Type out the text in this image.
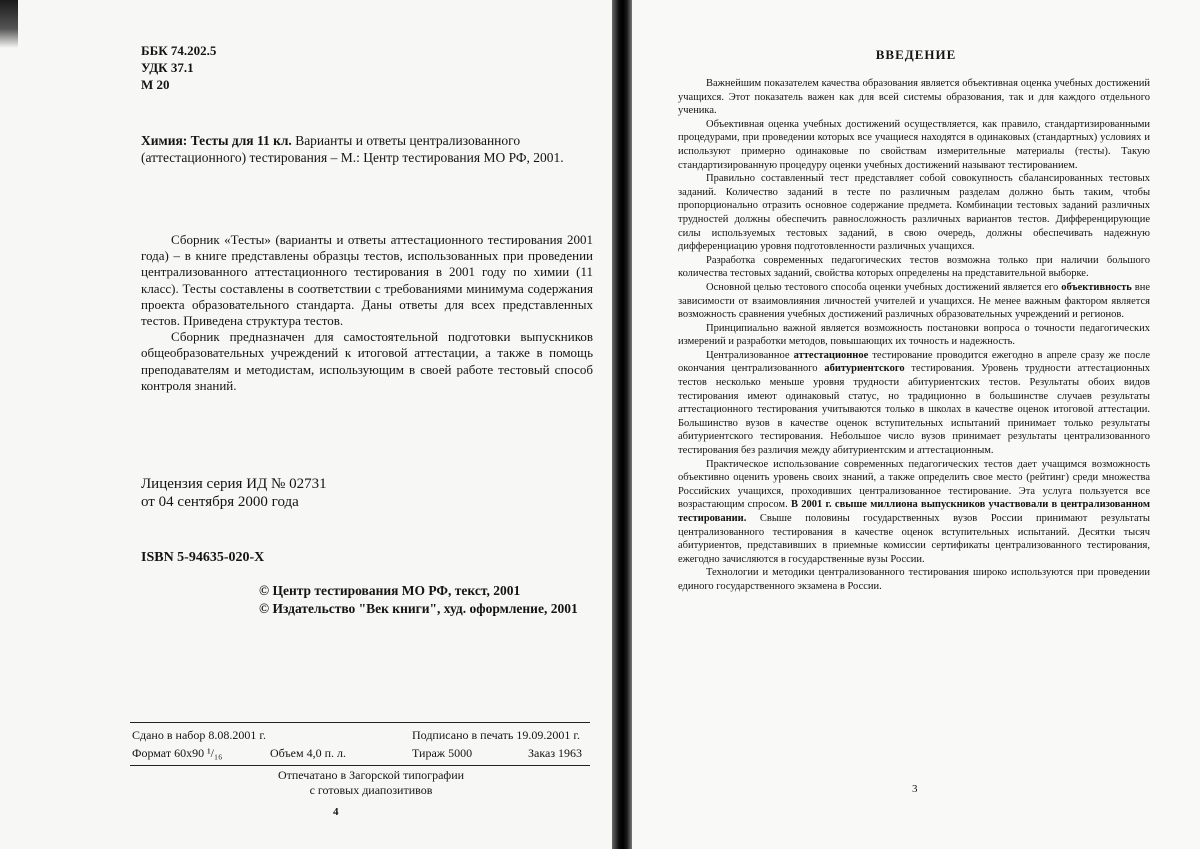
ББК 74.202.5
УДК 37.1
М 20
Химия: Тесты для 11 кл. Варианты и ответы централизованного (аттестационного) тестирования – М.: Центр тестирования МО РФ, 2001.

Сборник «Тесты» (варианты и ответы аттестационного тестирования 2001 года) – в книге представлены образцы тестов, использованных при проведении централизованного аттестационного тестирования в 2001 году по химии (11 класс). Тесты составлены в соответствии с требованиями минимума содержания проекта образовательного стандарта. Даны ответы для всех представленных тестов. Приведена структура тестов.

Сборник предназначен для самостоятельной подготовки выпускников общеобразовательных учреждений к итоговой аттестации, а также в помощь преподавателям и методистам, использующим в своей работе тестовый способ контроля знаний.

Лицензия серия ИД № 02731
от 04 сентября 2000 года
ISBN 5-94635-020-X
© Центр тестирования МО РФ, текст, 2001
© Издательство "Век книги", худ. оформление, 2001
Сдано в набор 8.08.2001 г.	Подписано в печать 19.09.2001 г.
Формат 60х90 ¹/₁₆	Объем 4,0 п. л.	Тираж 5000	Заказ 1963
Отпечатано в Загорской типографии
с готовых диапозитивов
4
ВВЕДЕНИЕ

Важнейшим показателем качества образования является объективная оценка учебных достижений учащихся. Этот показатель важен как для всей системы образования, так и для каждого отдельного ученика.

Объективная оценка учебных достижений осуществляется, как правило, стандартизированными процедурами, при проведении которых все учащиеся находятся в одинаковых (стандартных) условиях и используют примерно одинаковые по свойствам измерительные материалы (тесты). Такую стандартизированную процедуру оценки учебных достижений называют тестированием.

Правильно составленный тест представляет собой совокупность сбалансированных тестовых заданий. Количество заданий в тесте по различным разделам должно быть таким, чтобы пропорционально отразить основное содержание предмета. Комбинации тестовых заданий различных трудностей должны обеспечить равносложность различных вариантов тестов. Дифференцирующие силы используемых тестовых заданий, в свою очередь, должны обеспечивать надежную дифференциацию уровня подготовленности различных учащихся.

Разработка современных педагогических тестов возможна только при наличии большого количества тестовых заданий, свойства которых определены на представительной выборке.

Основной целью тестового способа оценки учебных достижений является его объективность вне зависимости от взаимовлияния личностей учителей и учащихся. Не менее важным фактором является возможность сравнения учебных достижений различных образовательных учреждений и регионов.

Принципиально важной является возможность постановки вопроса о точности педагогических измерений и разработки методов, повышающих их точность и надежность.

Централизованное аттестационное тестирование проводится ежегодно в апреле сразу же после окончания централизованного абитуриентского тестирования. Уровень трудности аттестационных тестов несколько меньше уровня трудности абитуриентских тестов. Результаты обоих видов тестирования имеют одинаковый статус, но традиционно в большинстве случаев результаты аттестационного тестирования учитываются только в школах в качестве оценок итоговой аттестации. Большинство вузов в качестве оценок вступительных испытаний принимает только результаты абитуриентского тестирования. Небольшое число вузов принимает результаты централизованного тестирования без различия между абитуриентским и аттестационным.

Практическое использование современных педагогических тестов дает учащимся возможность объективно оценить уровень своих знаний, а также определить свое место (рейтинг) среди множества Российских учащихся, проходивших централизованное тестирование. Эта услуга пользуется все возрастающим спросом. В 2001 г. свыше миллиона выпускников участвовали в централизованном тестировании. Свыше половины государственных вузов России принимают результаты централизованного тестирования в качестве оценок вступительных испытаний. Десятки тысяч абитуриентов, представивших в приемные комиссии сертификаты централизованного тестирования, ежегодно зачисляются в государственные вузы России.

Технологии и методики централизованного тестирования широко используются при проведении единого государственного экзамена в России.

3
